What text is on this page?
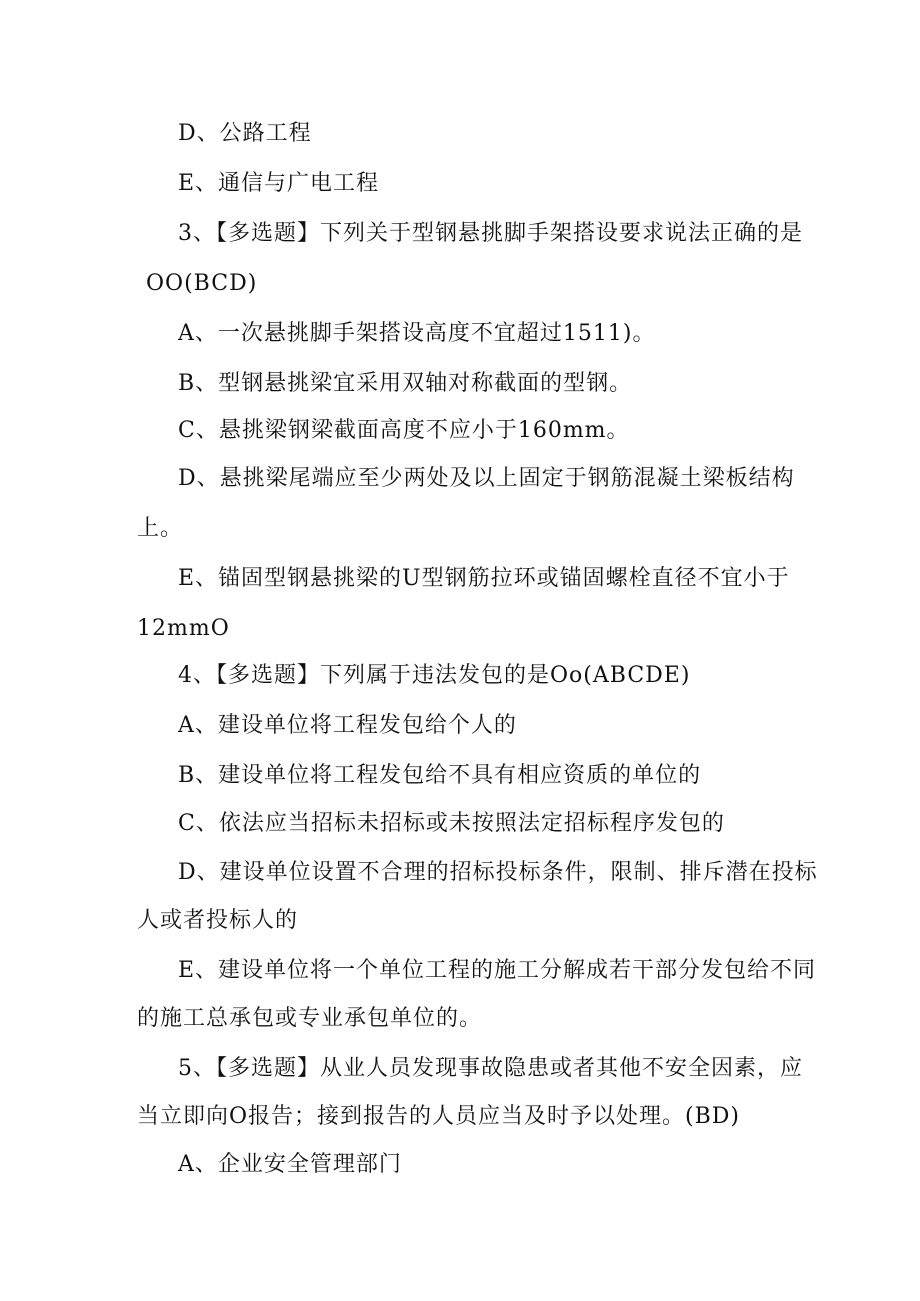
D、公路工程
E、通信与广电工程
3、【多选题】下列关于型钢悬挑脚手架搭设要求说法正确的是
OO(BCD)
A、一次悬挑脚手架搭设高度不宜超过1511)。
B、型钢悬挑梁宜采用双轴对称截面的型钢。
C、悬挑梁钢梁截面高度不应小于160mm。
D、悬挑梁尾端应至少两处及以上固定于钢筋混凝土梁板结构
上。
E、锚固型钢悬挑梁的U型钢筋拉环或锚固螺栓直径不宜小于
12mmO
4、【多选题】下列属于违法发包的是Oo(ABCDE)
A、建设单位将工程发包给个人的
B、建设单位将工程发包给不具有相应资质的单位的
C、依法应当招标未招标或未按照法定招标程序发包的
D、建设单位设置不合理的招标投标条件，限制、排斥潜在投标
人或者投标人的
E、建设单位将一个单位工程的施工分解成若干部分发包给不同
的施工总承包或专业承包单位的。
5、【多选题】从业人员发现事故隐患或者其他不安全因素，应
当立即向O报告；接到报告的人员应当及时予以处理。(BD)
A、企业安全管理部门
